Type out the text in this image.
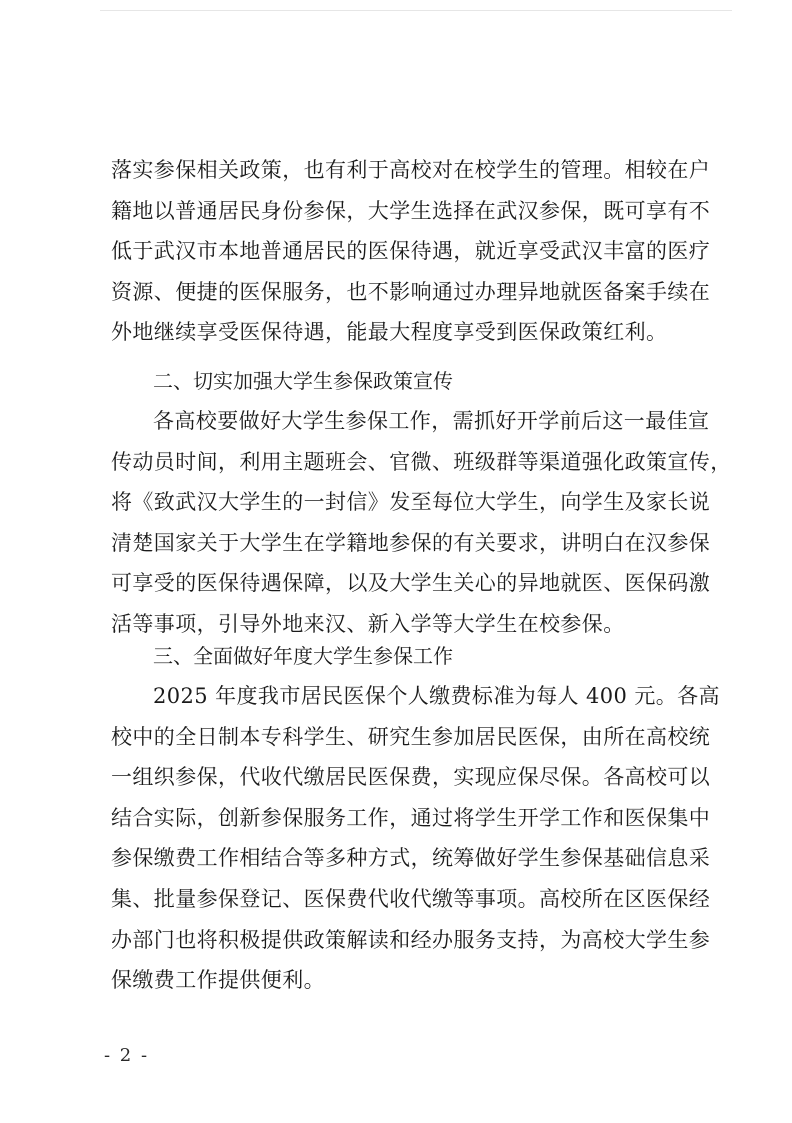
落实参保相关政策，也有利于高校对在校学生的管理。相较在户
籍地以普通居民身份参保，大学生选择在武汉参保，既可享有不
低于武汉市本地普通居民的医保待遇，就近享受武汉丰富的医疗
资源、便捷的医保服务，也不影响通过办理异地就医备案手续在
外地继续享受医保待遇，能最大程度享受到医保政策红利。
二、切实加强大学生参保政策宣传
各高校要做好大学生参保工作，需抓好开学前后这一最佳宣
传动员时间，利用主题班会、官微、班级群等渠道强化政策宣传，
将《致武汉大学生的一封信》发至每位大学生，向学生及家长说
清楚国家关于大学生在学籍地参保的有关要求，讲明白在汉参保
可享受的医保待遇保障，以及大学生关心的异地就医、医保码激
活等事项，引导外地来汉、新入学等大学生在校参保。
三、全面做好年度大学生参保工作
2025 年度我市居民医保个人缴费标准为每人 400 元。各高
校中的全日制本专科学生、研究生参加居民医保，由所在高校统
一组织参保，代收代缴居民医保费，实现应保尽保。各高校可以
结合实际，创新参保服务工作，通过将学生开学工作和医保集中
参保缴费工作相结合等多种方式，统筹做好学生参保基础信息采
集、批量参保登记、医保费代收代缴等事项。高校所在区医保经
办部门也将积极提供政策解读和经办服务支持，为高校大学生参
保缴费工作提供便利。
- 2 -
